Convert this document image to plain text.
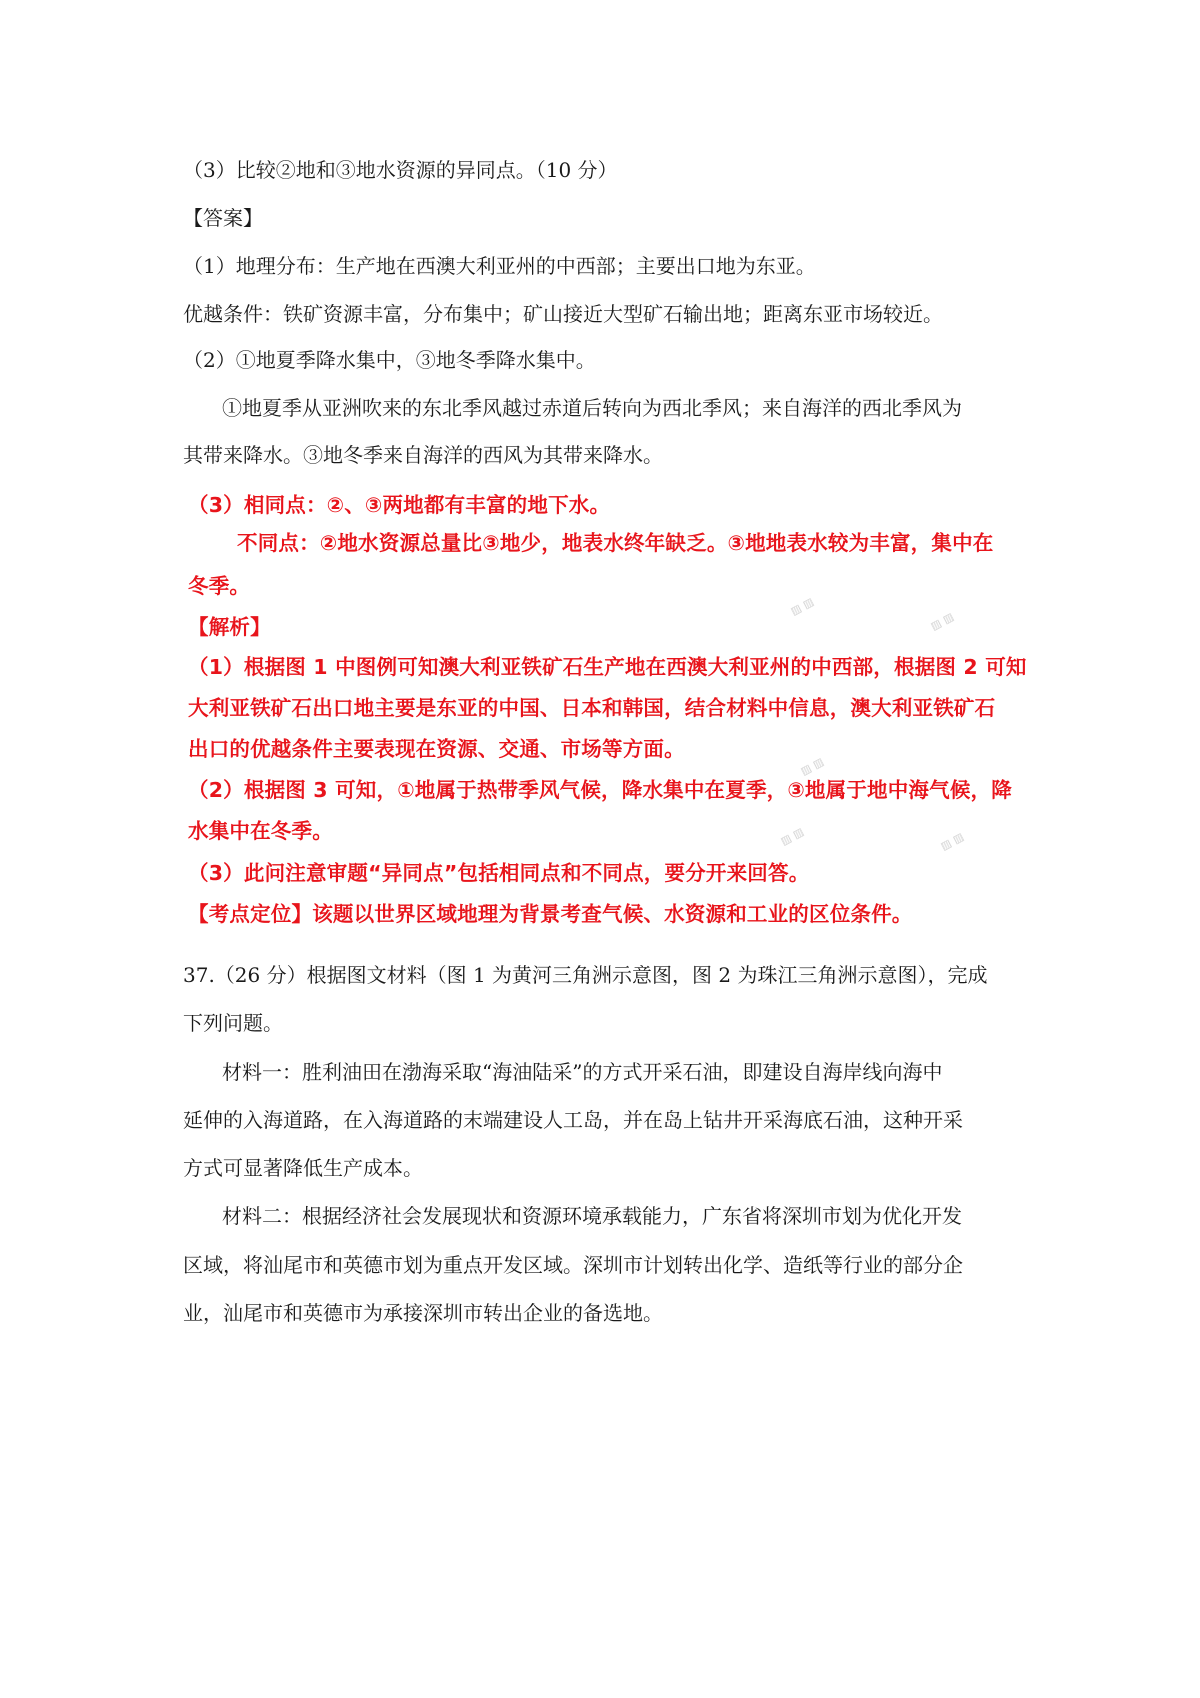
（3）比较②地和③地水资源的异同点。（10 分）
【答案】
（1）地理分布：生产地在西澳大利亚州的中西部；主要出口地为东亚。
优越条件：铁矿资源丰富，分布集中；矿山接近大型矿石输出地；距离东亚市场较近。
（2）①地夏季降水集中，③地冬季降水集中。
①地夏季从亚洲吹来的东北季风越过赤道后转向为西北季风；来自海洋的西北季风为
其带来降水。③地冬季来自海洋的西风为其带来降水。
（3）相同点：②、③两地都有丰富的地下水。
不同点：②地水资源总量比③地少，地表水终年缺乏。③地地表水较为丰富，集中在
冬季。
【解析】
（1）根据图 1 中图例可知澳大利亚铁矿石生产地在西澳大利亚州的中西部，根据图 2 可知
大利亚铁矿石出口地主要是东亚的中国、日本和韩国，结合材料中信息，澳大利亚铁矿石
出口的优越条件主要表现在资源、交通、市场等方面。
（2）根据图 3 可知，①地属于热带季风气候，降水集中在夏季，③地属于地中海气候，降
水集中在冬季。
（3）此问注意审题“异同点”包括相同点和不同点，要分开来回答。
【考点定位】该题以世界区域地理为背景考查气候、水资源和工业的区位条件。
37.（26 分）根据图文材料（图 1 为黄河三角洲示意图，图 2 为珠江三角洲示意图），完成
下列问题。
材料一：胜利油田在渤海采取“海油陆采”的方式开采石油，即建设自海岸线向海中
延伸的入海道路，在入海道路的末端建设人工岛，并在岛上钻井开采海底石油，这种开采
方式可显著降低生产成本。
材料二：根据经济社会发展现状和资源环境承载能力，广东省将深圳市划为优化开发
区域，将汕尾市和英德市划为重点开发区域。深圳市计划转出化学、造纸等行业的部分企
业，汕尾市和英德市为承接深圳市转出企业的备选地。
▨ ▨
▨ ▨
▨ ▨
▨ ▨	▨ ▨
